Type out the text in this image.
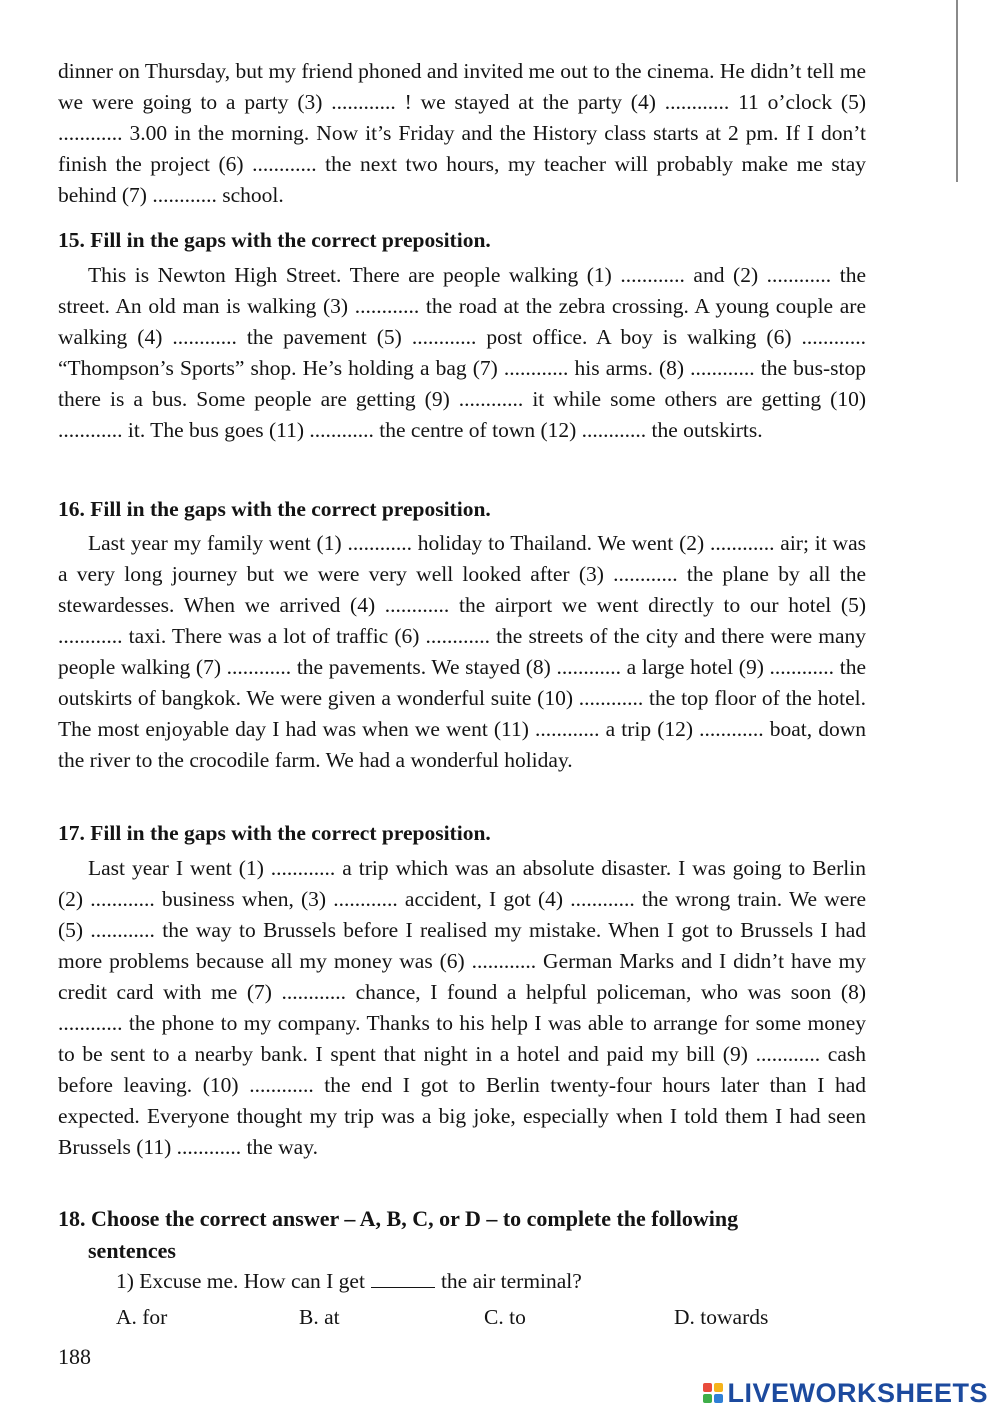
dinner on Thursday, but my friend phoned and invited me out to the cinema. He didn’t tell me we were going to a party (3) ............ ! we stayed at the party (4) ............ 11 o’clock (5) ............ 3.00 in the morning. Now it’s Friday and the History class starts at 2 pm. If I don’t finish the project (6) ............ the next two hours, my teacher will probably make me stay behind (7) ............ school.

15. Fill in the gaps with the correct preposition.

This is Newton High Street. There are people walking (1) ............ and (2) ............ the street. An old man is walking (3) ............ the road at the zebra crossing. A young couple are walking (4) ............ the pavement (5) ............ post office. A boy is walking (6) ............ “Thompson’s Sports” shop. He’s holding a bag (7) ............ his arms. (8) ............ the bus-stop there is a bus. Some people are getting (9) ............ it while some others are getting (10) ............ it. The bus goes (11) ............ the centre of town (12) ............ the outskirts.

16. Fill in the gaps with the correct preposition.

Last year my family went (1) ............ holiday to Thailand. We went (2) ............ air; it was a very long journey but we were very well looked after (3) ............ the plane by all the stewardesses. When we arrived (4) ............ the airport we went directly to our hotel (5) ............ taxi. There was a lot of traffic (6) ............ the streets of the city and there were many people walking (7) ............ the pavements. We stayed (8) ............ a large hotel (9) ............ the outskirts of bangkok. We were given a wonderful suite (10) ............ the top floor of the hotel. The most enjoyable day I had was when we went (11) ............ a trip (12) ............ boat, down the river to the crocodile farm. We had a wonderful holiday.

17. Fill in the gaps with the correct preposition.

Last year I went (1) ............ a trip which was an absolute disaster. I was going to Berlin (2) ............ business when, (3) ............ accident, I got (4) ............ the wrong train. We were (5) ............ the way to Brussels before I realised my mistake. When I got to Brussels I had more problems because all my money was (6) ............ German Marks and I didn’t have my credit card with me (7) ............ chance, I found a helpful policeman, who was soon (8) ............ the phone to my company. Thanks to his help I was able to arrange for some money to be sent to a nearby bank. I spent that night in a hotel and paid my bill (9) ............ cash before leaving. (10) ............ the end I got to Berlin twenty-four hours later than I had expected. Everyone thought my trip was a big joke, especially when I told them I had seen Brussels (11) ............ the way.

18. Choose the correct answer – A, B, C, or D – to complete the following
sentences

1) Excuse me. How can I get	the air terminal?
A. for	B. at	C. to	D. towards
188
LIVEWORKSHEETS
